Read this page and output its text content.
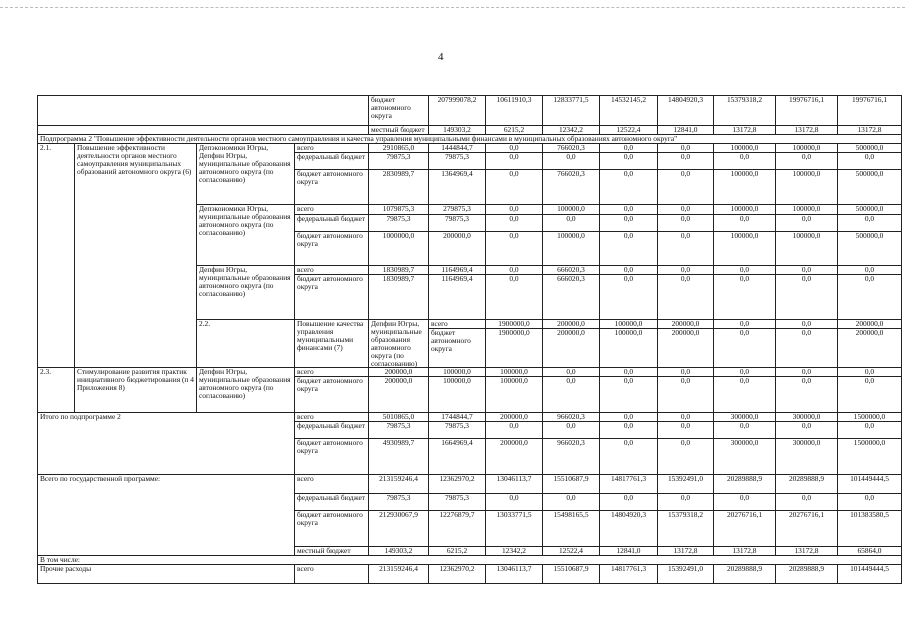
4
				бюджет автономного округа	207999078,2	10611910,3	12833771,5	14532145,2	14804920,3	15379318,2	19976716,1	19976716,1	
				местный бюджет	149303,2	6215,2	12342,2	12522,4	12841,0	13172,8	13172,8	13172,8	
Подпрограмма 2 "Повышение эффективности деятельности органов местного самоуправления и качества управления муниципальными финансами в муниципальных образованиях автономного округа"													
2.1.	Повышение эффективности деятельности органов местного самоуправления муниципальных образований автономного округа (6)	Депэкономики Югры, Депфин Югры, муниципальные образования автономного округа (по согласованию)	всего	2910865,0	1444844,7	0,0	766020,3	0,0	0,0	100000,0	100000,0	500000,0	
			федеральный бюджет	79875,3	79875,3	0,0	0,0	0,0	0,0	0,0	0,0	0,0	
			бюджет автономного округа	2830989,7	1364969,4	0,0	766020,3	0,0	0,0	100000,0	100000,0	500000,0	
		Депэкономики Югры, муниципальные образования автономного округа (по согласованию)	всего	1079875,3	279875,3	0,0	100000,0	0,0	0,0	100000,0	100000,0	500000,0	
			федеральный бюджет	79875,3	79875,3	0,0	0,0	0,0	0,0	0,0	0,0	0,0	
			бюджет автономного округа	1000000,0	200000,0	0,0	100000,0	0,0	0,0	100000,0	100000,0	500000,0	
		Депфин Югры, муниципальные образования автономного округа (по согласованию)	всего	1830989,7	1164969,4	0,0	666020,3	0,0	0,0	0,0	0,0	0,0	
			бюджет автономного округа	1830989,7	1164969,4	0,0	666020,3	0,0	0,0	0,0	0,0	0,0	
		2.2.	Повышение качества управления муниципальными финансами (7)	Депфин Югры, муниципальные образования автономного округа (по согласованию)	всего	1900000,0	200000,0	100000,0	200000,0	0,0	0,0	200000,0		
					бюджет автономного округа	1900000,0	200000,0	100000,0	200000,0	0,0	0,0	200000,0		
2.3.	Стимулирование развития практик инициативного бюджетирования (п 4 Приложения 8)	Депфин Югры, муниципальные образования автономного округа (по согласованию)	всего	200000,0	100000,0	100000,0	0,0	0,0	0,0	0,0	0,0	0,0	
			бюджет автономного округа	200000,0	100000,0	100000,0	0,0	0,0	0,0	0,0	0,0	0,0	
Итого по подпрограмме 2			всего	5010865,0	1744844,7	200000,0	966020,3	0,0	0,0	300000,0	300000,0	1500000,0	
			федеральный бюджет	79875,3	79875,3	0,0	0,0	0,0	0,0	0,0	0,0	0,0	
			бюджет автономного округа	4930989,7	1664969,4	200000,0	966020,3	0,0	0,0	300000,0	300000,0	1500000,0	
Всего по государственной программе:			всего	213159246,4	12362970,2	13046113,7	15510687,9	14817761,3	15392491,0	20289888,9	20289888,9	101449444,5	
			федеральный бюджет	79875,3	79875,3	0,0	0,0	0,0	0,0	0,0	0,0	0,0	
			бюджет автономного округа	212930067,9	12276879,7	13033771,5	15498165,5	14804920,3	15379318,2	20276716,1	20276716,1	101383580,5	
			местный бюджет	149303,2	6215,2	12342,2	12522,4	12841,0	13172,8	13172,8	13172,8	65864,0	
В том числе:													
Прочие расходы			всего	213159246,4	12362970,2	13046113,7	15510687,9	14817761,3	15392491,0	20289888,9	20289888,9	101449444,5	
